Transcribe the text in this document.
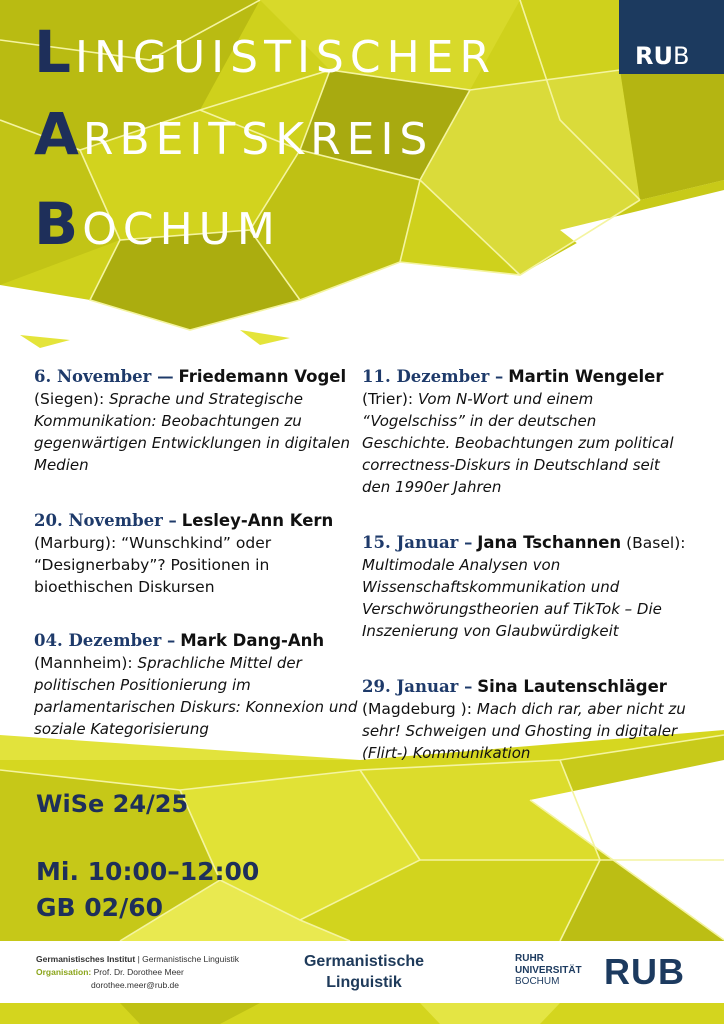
LINGUISTISCHER
ARBEITSKREIS
BOCHUM
RUB
6. November — Friedemann Vogel
(Siegen): Sprache und Strategische Kommunikation: Beobachtungen zu gegenwärtigen Entwicklungen in digitalen Medien
20. November – Lesley-Ann Kern
(Marburg): “Wunschkind” oder “Designerbaby”? Positionen in bioethischen Diskursen
04. Dezember – Mark Dang-Anh
(Mannheim): Sprachliche Mittel der politischen Positionierung im parlamentarischen Diskurs: Konnexion und soziale Kategorisierung
11. Dezember – Martin Wengeler
(Trier): Vom N-Wort und einem “Vogelschiss” in der deutschen Geschichte. Beobachtungen zum political correctness-Diskurs in Deutschland seit den 1990er Jahren
15. Januar – Jana Tschannen (Basel):
Multimodale Analysen von Wissenschaftskommunikation und Verschwörungstheorien auf TikTok – Die Inszenierung von Glaubwürdigkeit
29. Januar – Sina Lautenschläger
(Magdeburg ): Mach dich rar, aber nicht zu sehr! Schweigen und Ghosting in digitaler (Flirt-) Kommunikation
WiSe 24/25
Mi. 10:00–12:00
GB 02/60
Germanistisches Institut | Germanistische Linguistik
Organisation: Prof. Dr. Dorothee Meer
dorothee.meer@rub.de
Germanistische
Linguistik
RUHR
UNIVERSITÄT
BOCHUM	RUB
